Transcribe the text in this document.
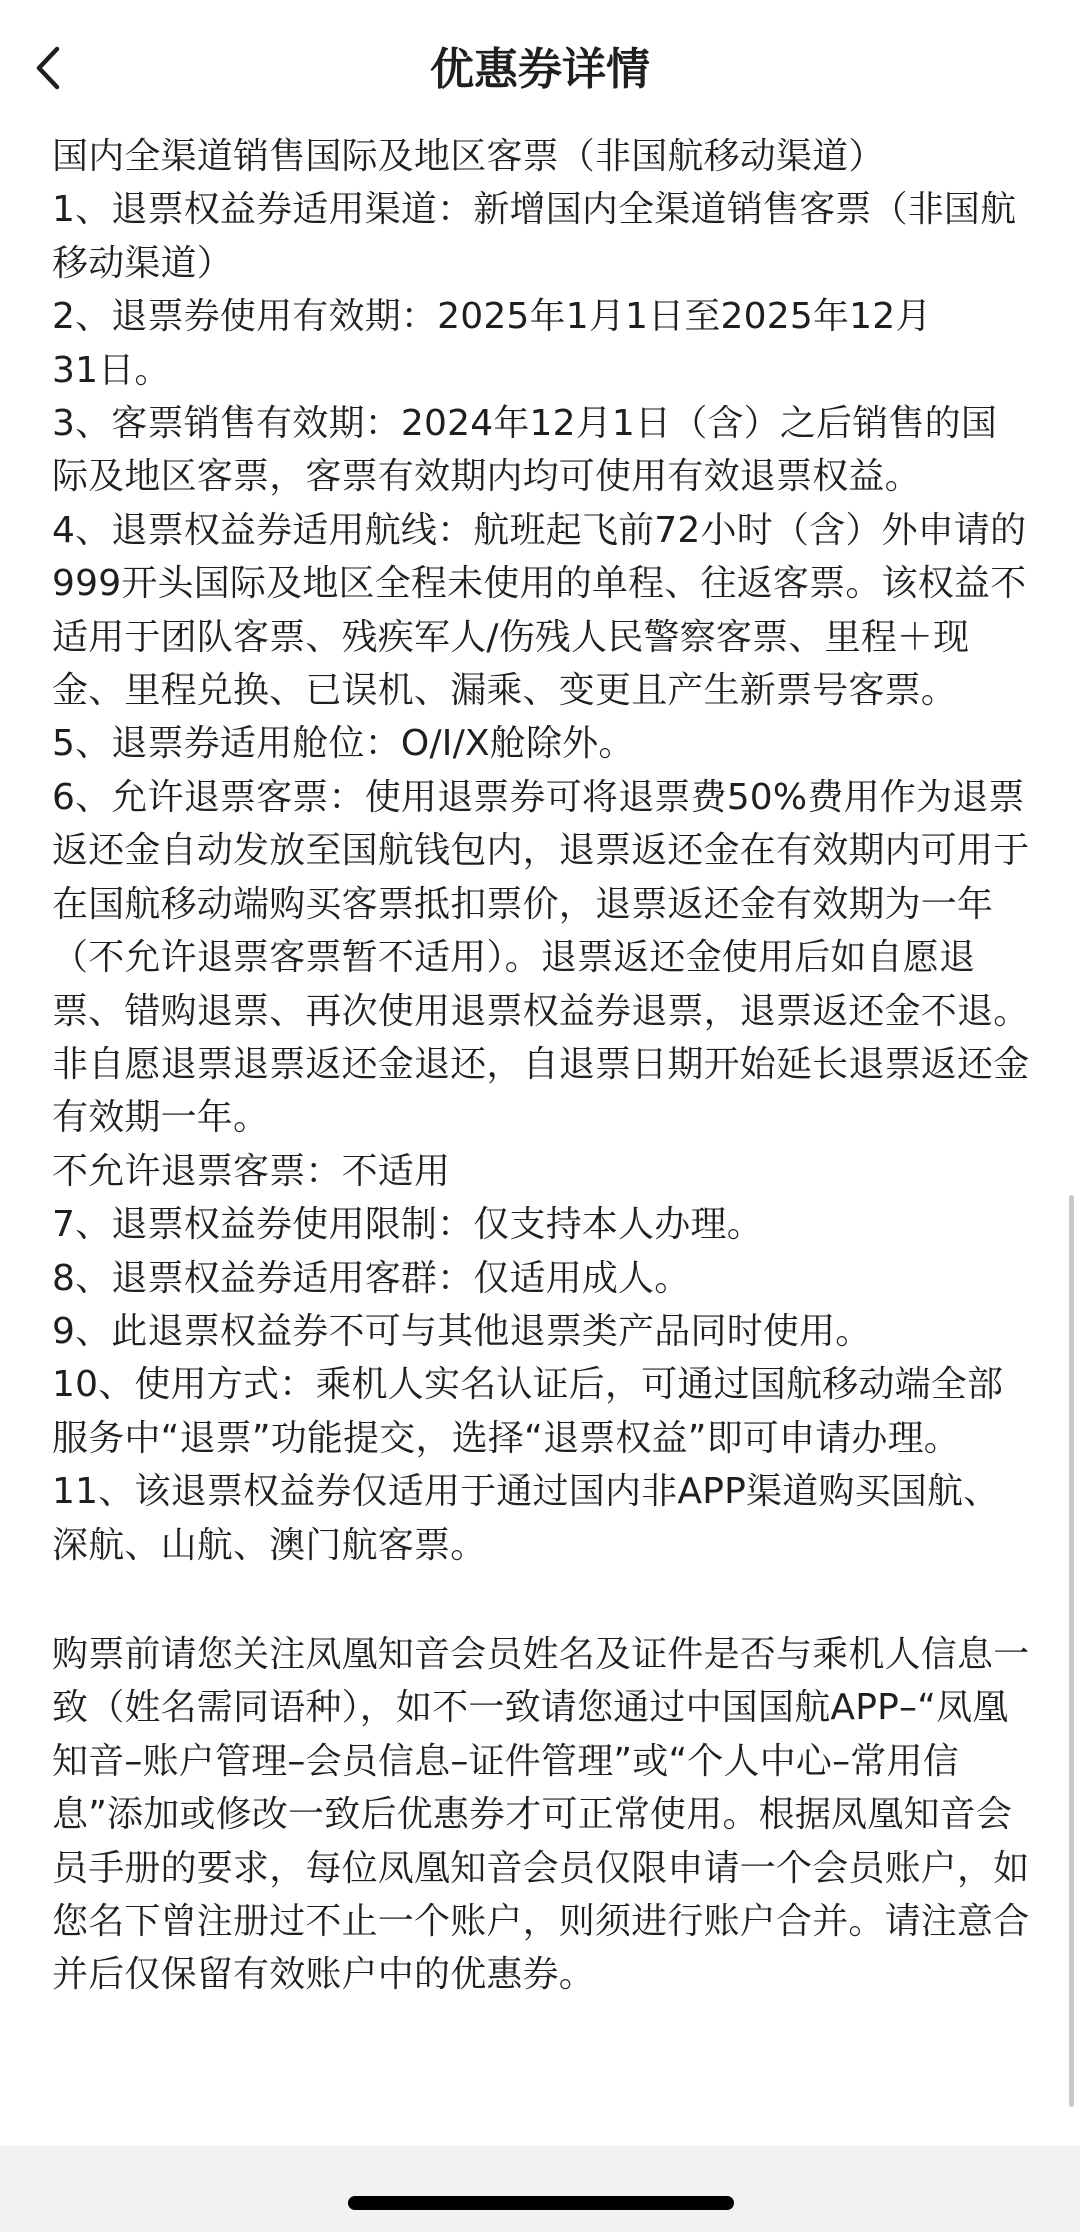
优惠券详情

国内全渠道销售国际及地区客票（非国航移动渠道）
1、退票权益券适用渠道：新增国内全渠道销售客票（非国航移动渠道）
2、退票券使用有效期：2025年1月1日至2025年12月
31日。
3、客票销售有效期：2024年12月1日（含）之后销售的国际及地区客票，客票有效期内均可使用有效退票权益。
4、退票权益券适用航线：航班起飞前72小时（含）外申请的999开头国际及地区全程未使用的单程、往返客票。该权益不适用于团队客票、残疾军人/伤残人民警察客票、里程＋现金、里程兑换、已误机、漏乘、变更且产生新票号客票。
5、退票券适用舱位：O/I/X舱除外。
6、允许退票客票：使用退票券可将退票费50%费用作为退票返还金自动发放至国航钱包内，退票返还金在有效期内可用于在国航移动端购买客票抵扣票价，退票返还金有效期为一年（不允许退票客票暂不适用）。退票返还金使用后如自愿退票、错购退票、再次使用退票权益券退票，退票返还金不退。非自愿退票退票返还金退还，自退票日期开始延长退票返还金有效期一年。
不允许退票客票：不适用
7、退票权益券使用限制：仅支持本人办理。
8、退票权益券适用客群：仅适用成人。
9、此退票权益券不可与其他退票类产品同时使用。
10、使用方式：乘机人实名认证后，可通过国航移动端全部服务中“退票”功能提交，选择“退票权益”即可申请办理。
11、该退票权益券仅适用于通过国内非APP渠道购买国航、深航、山航、澳门航客票。

购票前请您关注凤凰知音会员姓名及证件是否与乘机人信息一致（姓名需同语种），如不一致请您通过中国国航APP–“凤凰知音–账户管理–会员信息–证件管理”或“个人中心–常用信息”添加或修改一致后优惠券才可正常使用。根据凤凰知音会员手册的要求，每位凤凰知音会员仅限申请一个会员账户，如您名下曾注册过不止一个账户，则须进行账户合并。请注意合并后仅保留有效账户中的优惠券。
